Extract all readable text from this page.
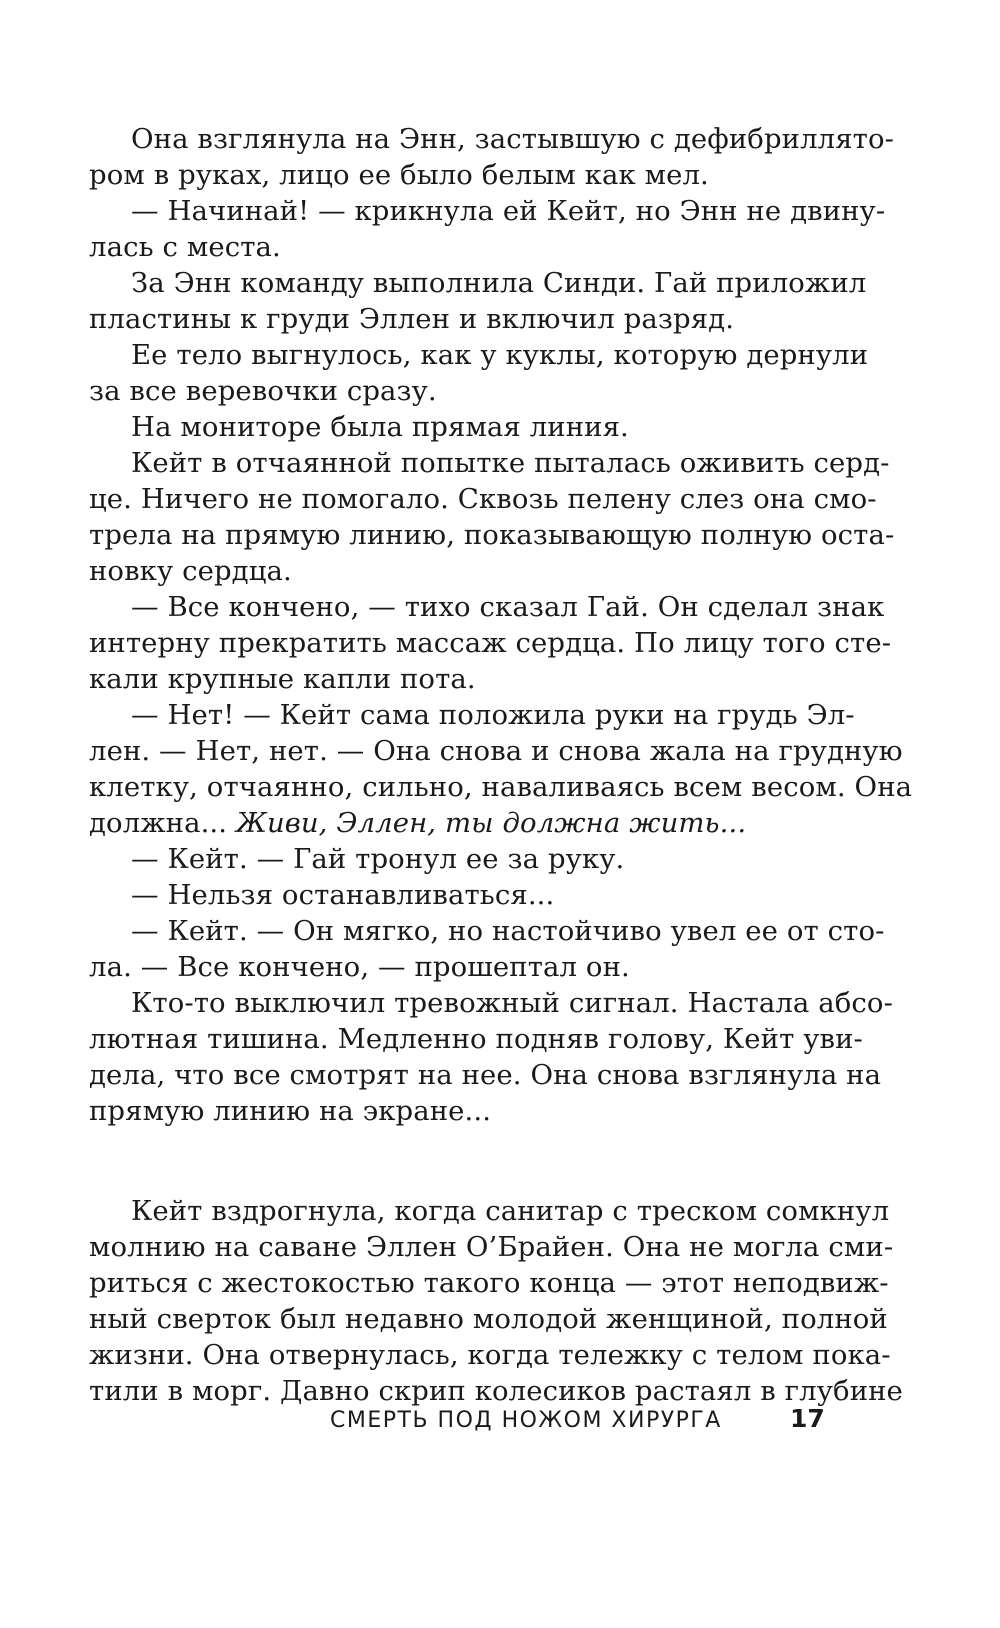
Она взглянула на Энн, застывшую с дефибриллято-
ром в руках, лицо ее было белым как мел.

— Начинай! — крикнула ей Кейт, но Энн не двину-
лась с места.

За Энн команду выполнила Синди. Гай приложил
пластины к груди Эллен и включил разряд.

Ее тело выгнулось, как у куклы, которую дернули
за все веревочки сразу.

На мониторе была прямая линия.

Кейт в отчаянной попытке пыталась оживить серд-
це. Ничего не помогало. Сквозь пелену слез она смо-
трела на прямую линию, показывающую полную оста-
новку сердца.

— Все кончено, — тихо сказал Гай. Он сделал знак
интерну прекратить массаж сердца. По лицу того сте-
кали крупные капли пота.

— Нет! — Кейт сама положила руки на грудь Эл-
лен. — Нет, нет. — Она снова и снова жала на грудную
клетку, отчаянно, сильно, наваливаясь всем весом. Она
должна... Живи, Эллен, ты должна жить...

— Кейт. — Гай тронул ее за руку.

— Нельзя останавливаться...

— Кейт. — Он мягко, но настойчиво увел ее от сто-
ла. — Все кончено, — прошептал он.

Кто-то выключил тревожный сигнал. Настала абсо-
лютная тишина. Медленно подняв голову, Кейт уви-
дела, что все смотрят на нее. Она снова взглянула на
прямую линию на экране...

Кейт вздрогнула, когда санитар с треском сомкнул
молнию на саване Эллен О’Брайен. Она не могла сми-
риться с жестокостью такого конца — этот неподвиж-
ный сверток был недавно молодой женщиной, полной
жизни. Она отвернулась, когда тележку с телом пока-
тили в морг. Давно скрип колесиков растаял в глубине

СМЕРТЬ ПОД НОЖОМ ХИРУРГА	17
